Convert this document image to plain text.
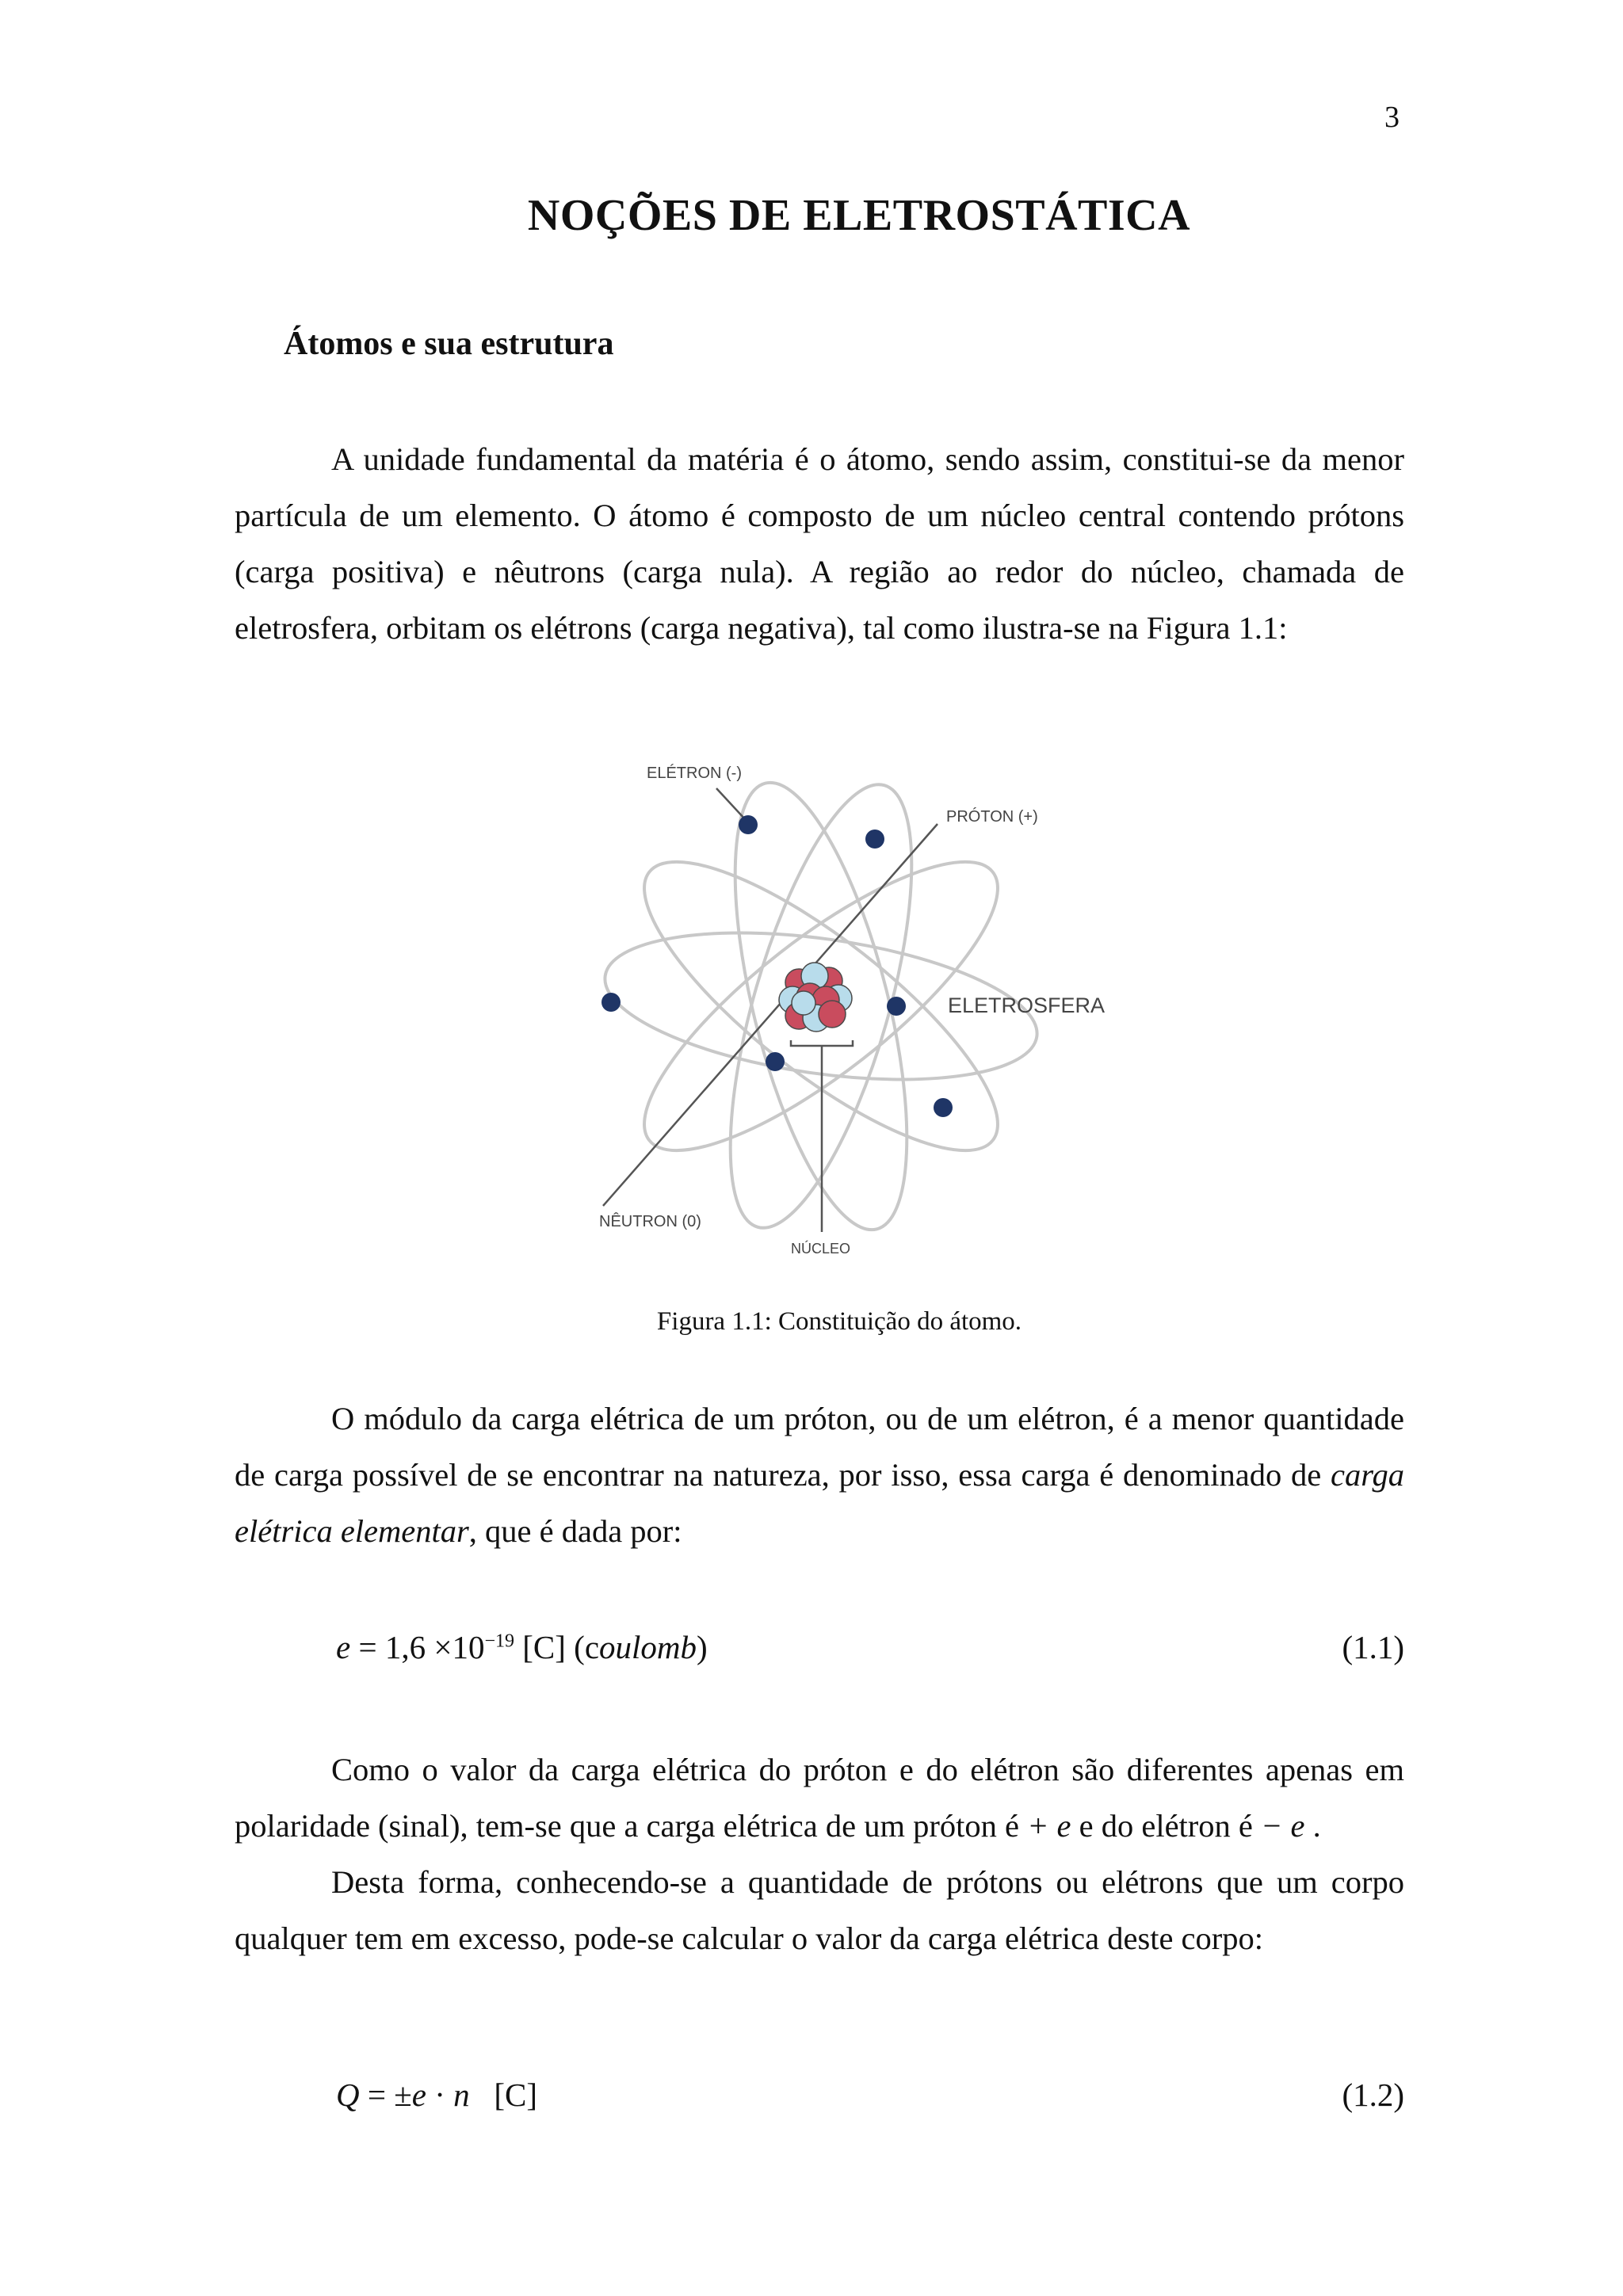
3
NOÇÕES DE ELETROSTÁTICA
Átomos e sua estrutura

A unidade fundamental da matéria é o átomo, sendo assim, constitui-se da menor partícula de um elemento. O átomo é composto de um núcleo central contendo prótons (carga positiva) e nêutrons (carga nula). A região ao redor do núcleo, chamada de eletrosfera, orbitam os elétrons (carga negativa), tal como ilustra-se na Figura 1.1:

ELÉTRON (-)
PRÓTON (+)
ELETROSFERA
NÊUTRON (0)
NÚCLEO
Figura 1.1: Constituição do átomo.

O módulo da carga elétrica de um próton, ou de um elétron, é a menor quantidade de carga possível de se encontrar na natureza, por isso, essa carga é denominado de carga elétrica elementar, que é dada por:

$e = 1,6 \times 10^{-19}$ [C] (coulomb)	(1.1)

Como o valor da carga elétrica do próton e do elétron são diferentes apenas em polaridade (sinal), tem-se que a carga elétrica de um próton é + e e do elétron é − e .

Desta forma, conhecendo-se a quantidade de prótons ou elétrons que um corpo qualquer tem em excesso, pode-se calcular o valor da carga elétrica deste corpo:

Q = ±e · n   [C]	(1.2)
